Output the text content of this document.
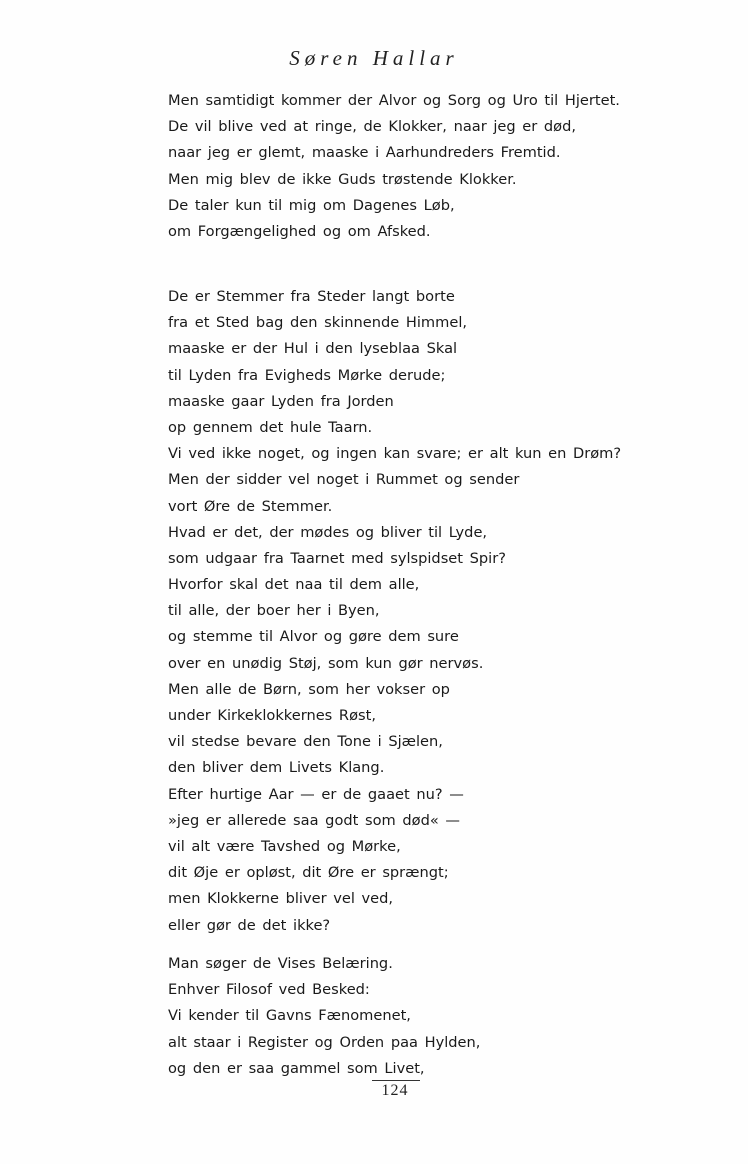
Søren Hallar
Men samtidigt kommer der Alvor og Sorg og Uro til Hjertet.
De vil blive ved at ringe, de Klokker, naar jeg er død,
naar jeg er glemt, maaske i Aarhundreders Fremtid.
Men mig blev de ikke Guds trøstende Klokker.
De taler kun til mig om Dagenes Løb,
om Forgængelighed og om Afsked.
De er Stemmer fra Steder langt borte
fra et Sted bag den skinnende Himmel,
maaske er der Hul i den lyseblaa Skal
til Lyden fra Evigheds Mørke derude;
maaske gaar Lyden fra Jorden
op gennem det hule Taarn.
Vi ved ikke noget, og ingen kan svare; er alt kun en Drøm?
Men der sidder vel noget i Rummet og sender
vort Øre de Stemmer.
Hvad er det, der mødes og bliver til Lyde,
som udgaar fra Taarnet med sylspidset Spir?
Hvorfor skal det naa til dem alle,
til alle, der boer her i Byen,
og stemme til Alvor og gøre dem sure
over en unødig Støj, som kun gør nervøs.
Men alle de Børn, som her vokser op
under Kirkeklokkernes Røst,
vil stedse bevare den Tone i Sjælen,
den bliver dem Livets Klang.
Efter hurtige Aar — er de gaaet nu? —
»jeg er allerede saa godt som død« —
vil alt være Tavshed og Mørke,
dit Øje er opløst, dit Øre er sprængt;
men Klokkerne bliver vel ved,
eller gør de det ikke?
Man søger de Vises Belæring.
Enhver Filosof ved Besked:
Vi kender til Gavns Fænomenet,
alt staar i Register og Orden paa Hylden,
og den er saa gammel som Livet,
124
